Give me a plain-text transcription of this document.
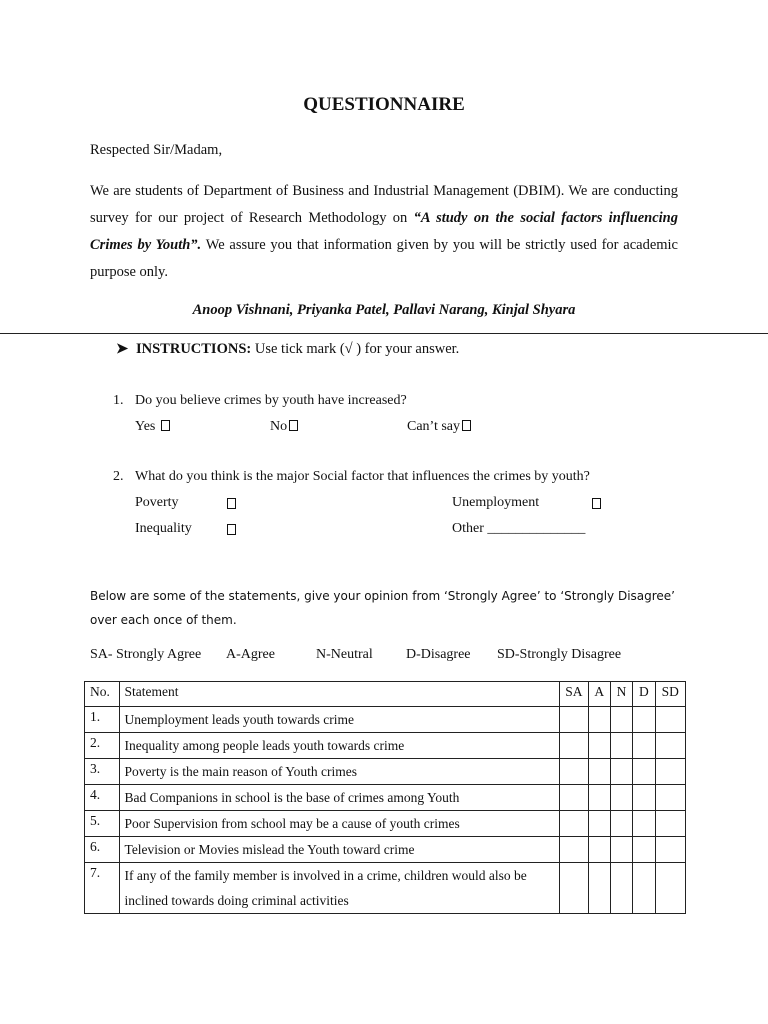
QUESTIONNAIRE
Respected Sir/Madam,
We are students of Department of Business and Industrial Management (DBIM). We are conducting survey for our project of Research Methodology on “A study on the social factors influencing Crimes by Youth”. We assure you that information given by you will be strictly used for academic purpose only.
Anoop Vishnani, Priyanka Patel, Pallavi Narang, Kinjal Shyara
➤ INSTRUCTIONS: Use tick mark (√ ) for your answer.
1. Do you believe crimes by youth have increased?
Yes	No	Can’t say
2. What do you think is the major Social factor that influences the crimes by youth?
Poverty	Unemployment
Inequality	Other ______________
Below are some of the statements, give your opinion from ‘Strongly Agree’ to ‘Strongly Disagree’ over each once of them.
SA- Strongly Agree A-Agree	N-Neutral D-Disagree SD-Strongly Disagree
No.	Statement	SA	A	N	D	SD
1.	Unemployment leads youth towards crime					
2.	Inequality among people leads youth towards crime					
3.	Poverty is the main reason of Youth crimes					
4.	Bad Companions in school is the base of crimes among Youth					
5.	Poor Supervision from school may be a cause of youth crimes					
6.	Television or Movies mislead the Youth toward crime					
7.	If any of the family member is involved in a crime, children would also be inclined towards doing criminal activities					
